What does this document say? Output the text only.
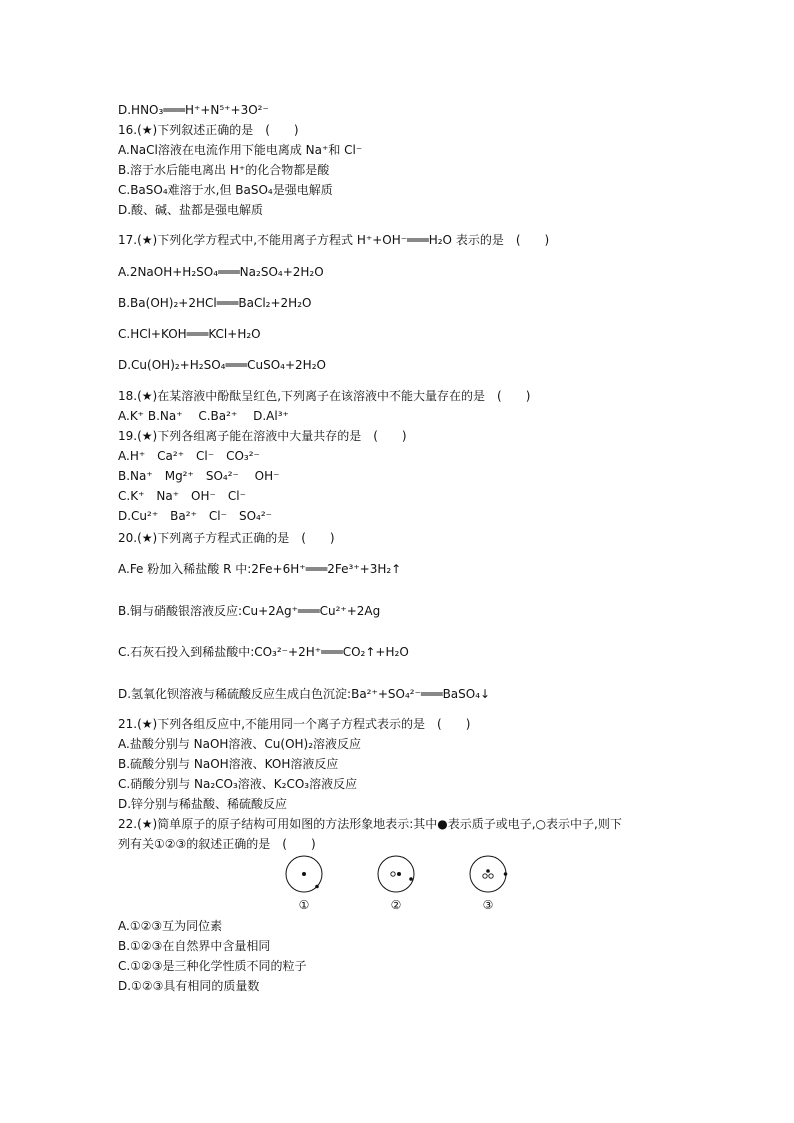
D.HNO₃═══H⁺+N⁵⁺+3O²⁻
16.(★)下列叙述正确的是　(　　)
A.NaCl溶液在电流作用下能电离成 Na⁺和 Cl⁻
B.溶于水后能电离出 H⁺的化合物都是酸
C.BaSO₄难溶于水,但 BaSO₄是强电解质
D.酸、碱、盐都是强电解质
17.(★)下列化学方程式中,不能用离子方程式 H⁺+OH⁻═══H₂O 表示的是　(　　)
A.2NaOH+H₂SO₄═══Na₂SO₄+2H₂O
B.Ba(OH)₂+2HCl═══BaCl₂+2H₂O
C.HCl+KOH═══KCl+H₂O
D.Cu(OH)₂+H₂SO₄═══CuSO₄+2H₂O
18.(★)在某溶液中酚酞呈红色,下列离子在该溶液中不能大量存在的是　(　　)
A.K⁺ B.Na⁺　 C.Ba²⁺　 D.Al³⁺
19.(★)下列各组离子能在溶液中大量共存的是　(　　)
A.H⁺　Ca²⁺　Cl⁻　CO₃²⁻
B.Na⁺　Mg²⁺　SO₄²⁻　 OH⁻
C.K⁺　Na⁺　OH⁻　Cl⁻
D.Cu²⁺　Ba²⁺　Cl⁻　SO₄²⁻
20.(★)下列离子方程式正确的是　(　　)
A.Fe 粉加入稀盐酸 R 中:2Fe+6H⁺═══2Fe³⁺+3H₂↑
B.铜与硝酸银溶液反应:Cu+2Ag⁺═══Cu²⁺+2Ag
C.石灰石投入到稀盐酸中:CO₃²⁻+2H⁺═══CO₂↑+H₂O
D.氢氧化钡溶液与稀硫酸反应生成白色沉淀:Ba²⁺+SO₄²⁻═══BaSO₄↓
21.(★)下列各组反应中,不能用同一个离子方程式表示的是　(　　)
A.盐酸分别与 NaOH溶液、Cu(OH)₂溶液反应
B.硫酸分别与 NaOH溶液、KOH溶液反应
C.硝酸分别与 Na₂CO₃溶液、K₂CO₃溶液反应
D.锌分别与稀盐酸、稀硫酸反应
22.(★)简单原子的原子结构可用如图的方法形象地表示:其中●表示质子或电子,○表示中子,则下
列有关①②③的叙述正确的是　(　　)
A.①②③互为同位素
B.①②③在自然界中含量相同
C.①②③是三种化学性质不同的粒子
D.①②③具有相同的质量数
①	②	③
